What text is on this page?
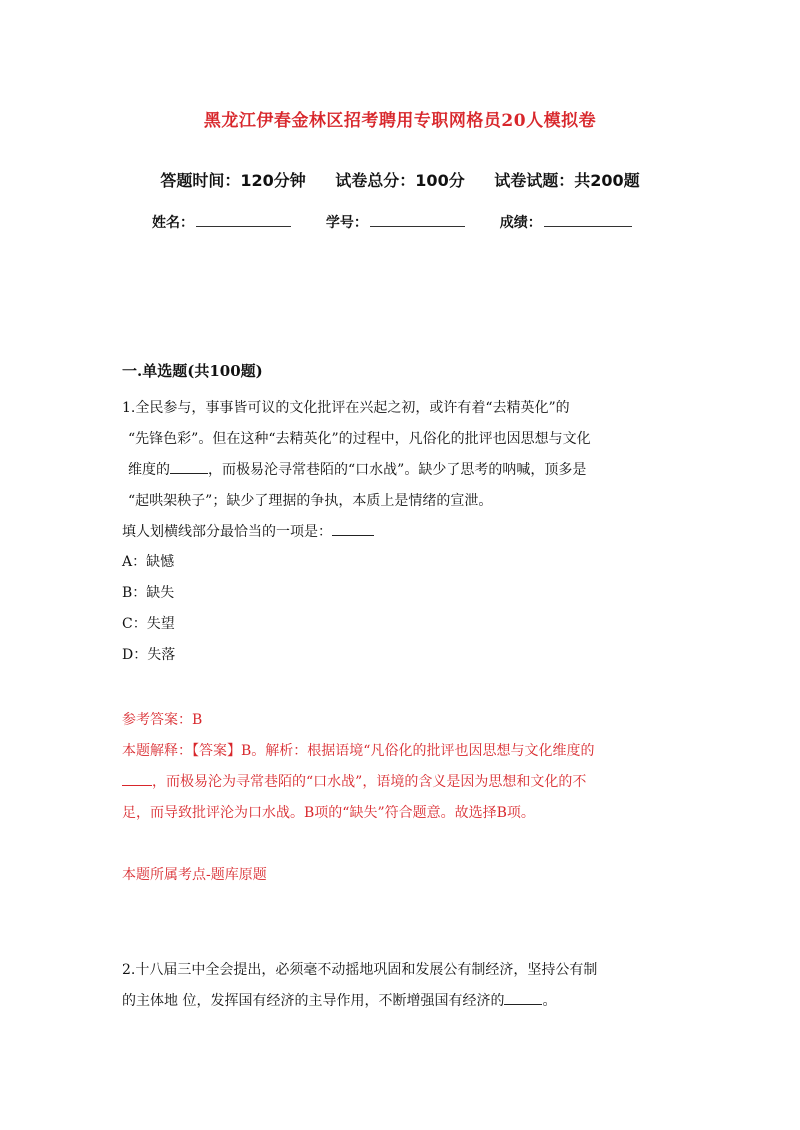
黑龙江伊春金林区招考聘用专职网格员20人模拟卷
答题时间：120分钟 试卷总分：100分 试卷试题：共200题
姓名：	学号：	成绩：
一.单选题(共100题)

1.全民参与，事事皆可议的文化批评在兴起之初，或许有着“去精英化”的

“先锋色彩”。但在这种“去精英化”的过程中，凡俗化的批评也因思想与文化

维度的	，而极易沦寻常巷陌的“口水战”。缺少了思考的呐喊，顶多是

“起哄架秧子”；缺少了理据的争执，本质上是情绪的宣泄。

填人划横线部分最恰当的一项是：

A：缺憾
B：缺失
C：失望
D：失落

参考答案：B

本题解释：【答案】B。解析：根据语境“凡俗化的批评也因思想与文化维度的

，而极易沦为寻常巷陌的“口水战”，语境的含义是因为思想和文化的不

足，而导致批评沦为口水战。B项的“缺失”符合题意。故选择B项。

本题所属考点-题库原题

2.十八届三中全会提出，必须毫不动摇地巩固和发展公有制经济，坚持公有制

的主体地 位，发挥国有经济的主导作用，不断增强国有经济的	。
